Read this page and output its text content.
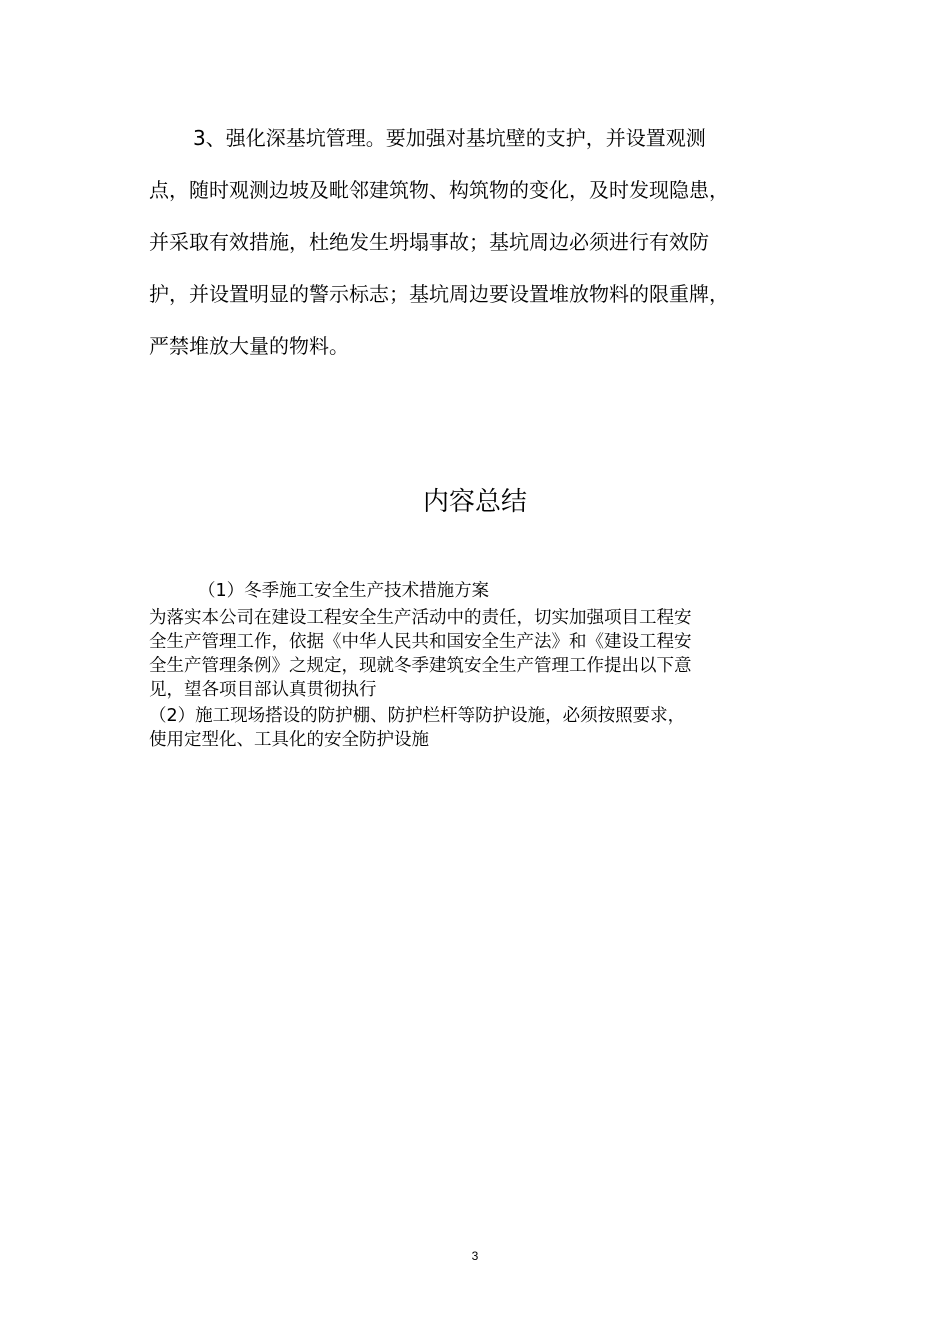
3、强化深基坑管理。要加强对基坑壁的支护，并设置观测
点，随时观测边坡及毗邻建筑物、构筑物的变化，及时发现隐患，
并采取有效措施，杜绝发生坍塌事故；基坑周边必须进行有效防
护，并设置明显的警示标志；基坑周边要设置堆放物料的限重牌，
严禁堆放大量的物料。
内容总结
（1）冬季施工安全生产技术措施方案
为落实本公司在建设工程安全生产活动中的责任，切实加强项目工程安
全生产管理工作，依据《中华人民共和国安全生产法》和《建设工程安
全生产管理条例》之规定，现就冬季建筑安全生产管理工作提出以下意
见，望各项目部认真贯彻执行
（2）施工现场搭设的防护棚、防护栏杆等防护设施，必须按照要求，
使用定型化、工具化的安全防护设施
3
